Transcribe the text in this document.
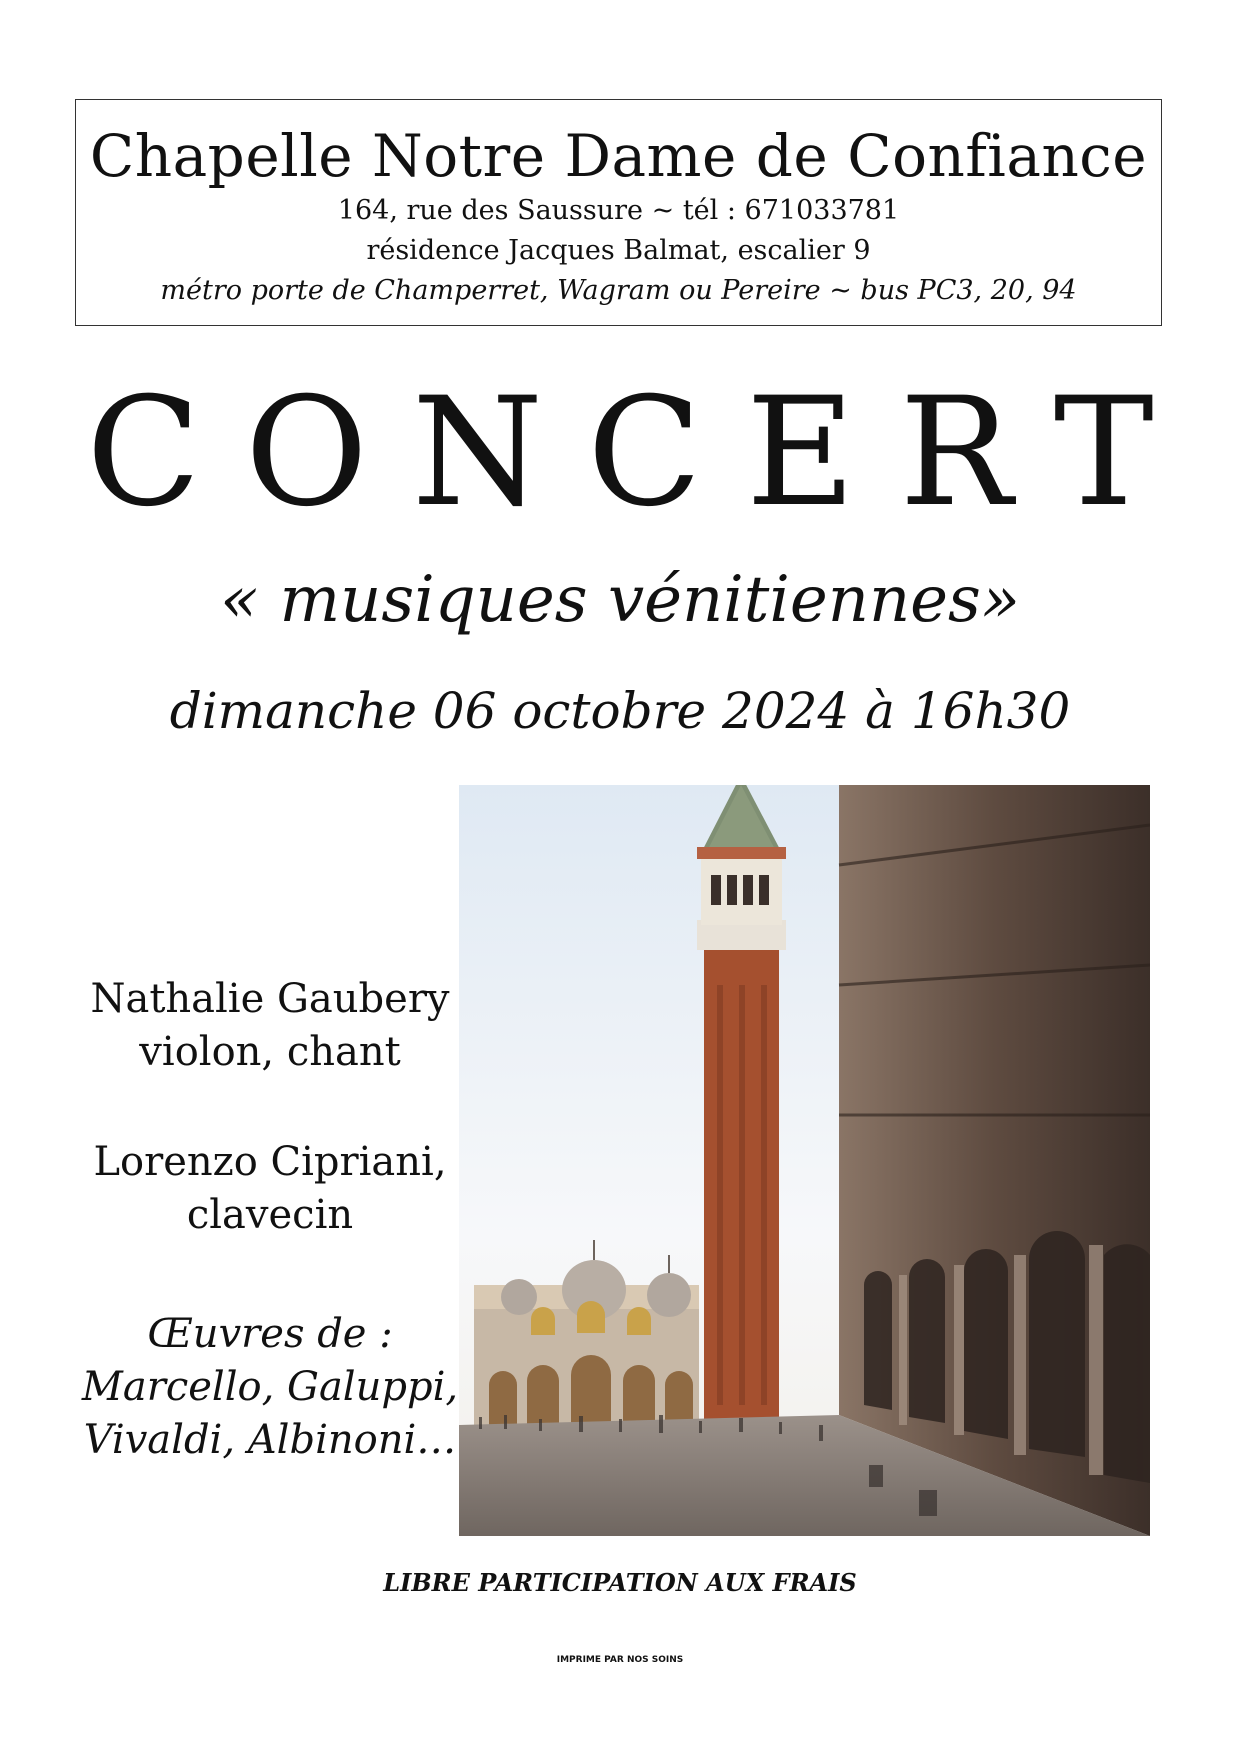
Chapelle Notre Dame de Confiance
164, rue des Saussure ~ tél : 671033781
résidence Jacques Balmat, escalier 9
métro porte de Champerret, Wagram ou Pereire ~ bus PC3, 20, 94
CONCERT
« musiques vénitiennes»
dimanche 06 octobre 2024 à 16h30
Nathalie Gaubery
violon, chant
Lorenzo Cipriani,
clavecin
Œuvres de :
Marcello, Galuppi,
Vivaldi, Albinoni…
LIBRE PARTICIPATION AUX FRAIS
IMPRIME PAR NOS SOINS
